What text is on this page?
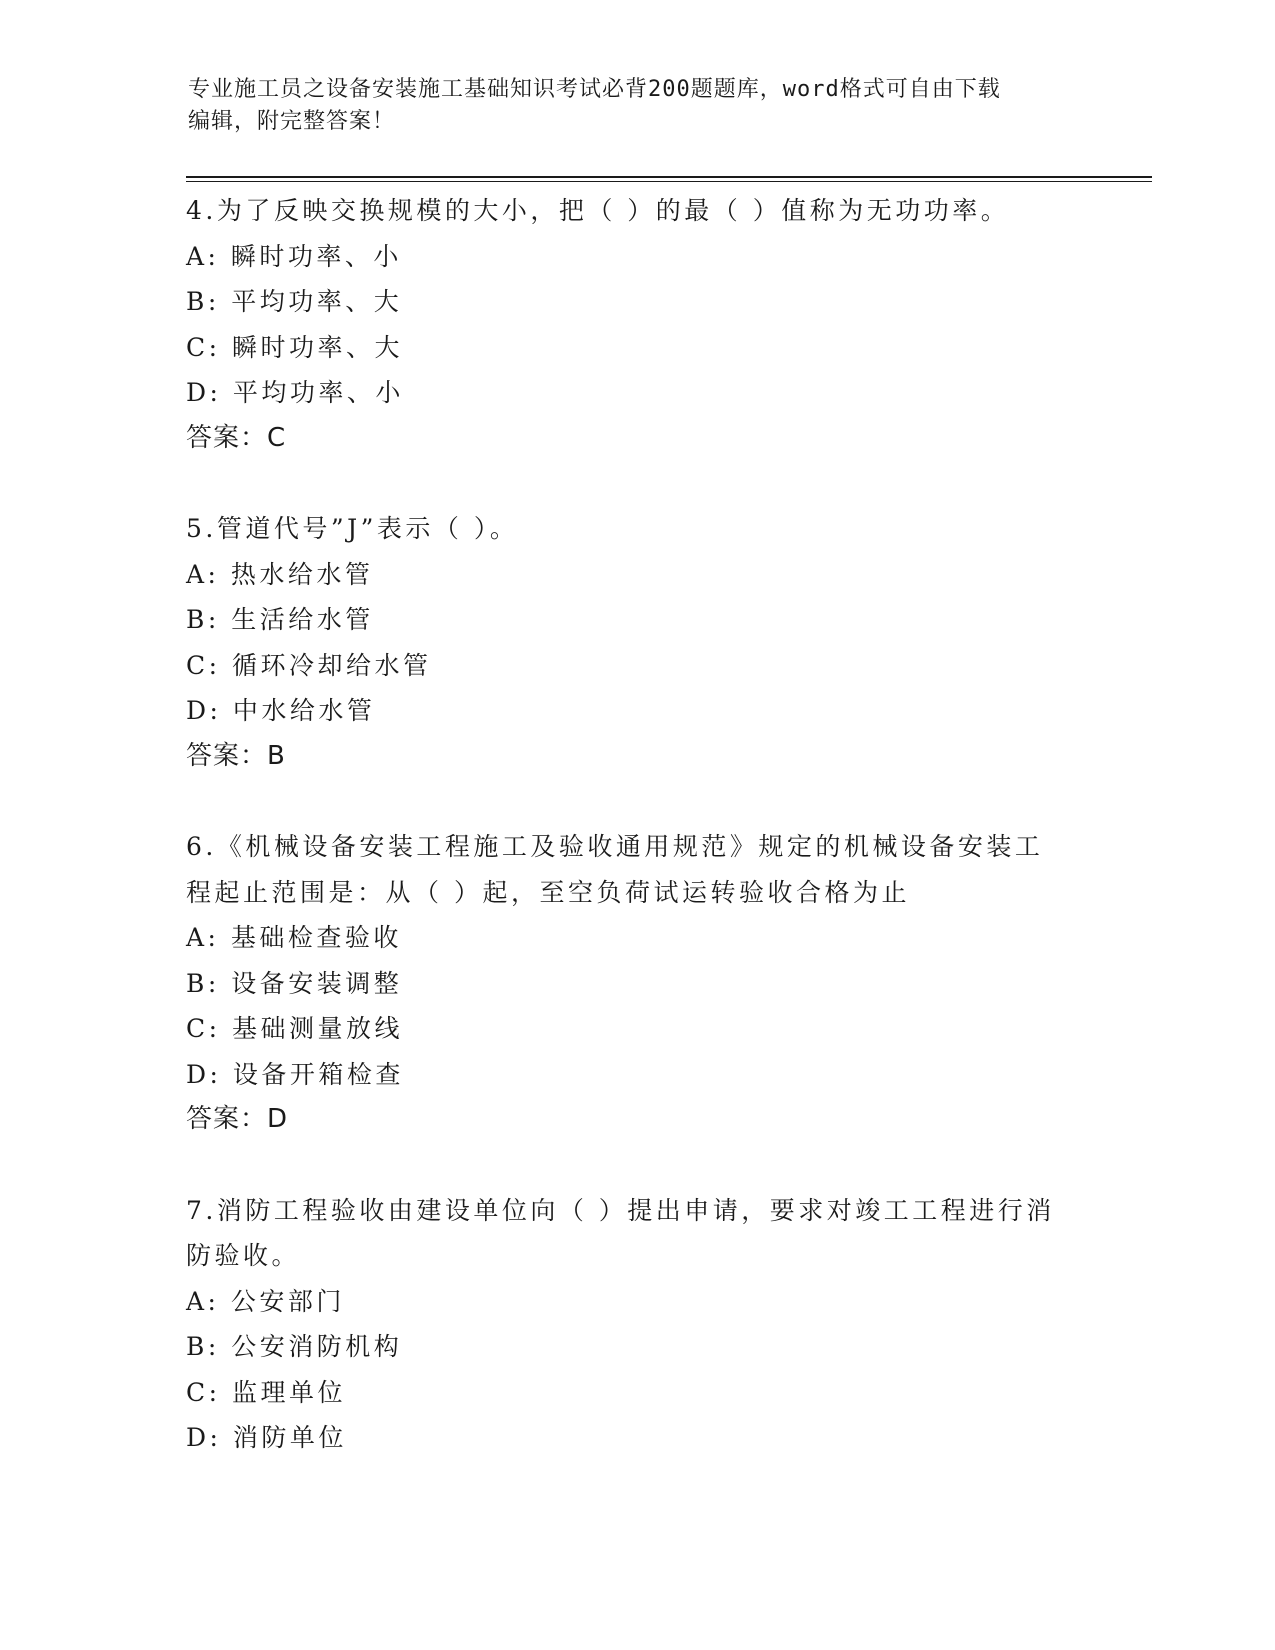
专业施工员之设备安装施工基础知识考试必背200题题库，word格式可自由下载
编辑，附完整答案！

4.为了反映交换规模的大小，把（ ）的最（ ）值称为无功功率。

A: 瞬时功率、小

B: 平均功率、大

C: 瞬时功率、大

D: 平均功率、小

答案：C

5.管道代号”J”表示（ ）。

A: 热水给水管

B: 生活给水管

C: 循环冷却给水管

D: 中水给水管

答案：B

6.《机械设备安装工程施工及验收通用规范》规定的机械设备安装工

程起止范围是：从（ ）起，至空负荷试运转验收合格为止

A: 基础检查验收

B: 设备安装调整

C: 基础测量放线

D: 设备开箱检查

答案：D

7.消防工程验收由建设单位向（ ）提出申请，要求对竣工工程进行消

防验收。

A: 公安部门

B: 公安消防机构

C: 监理单位

D: 消防单位
